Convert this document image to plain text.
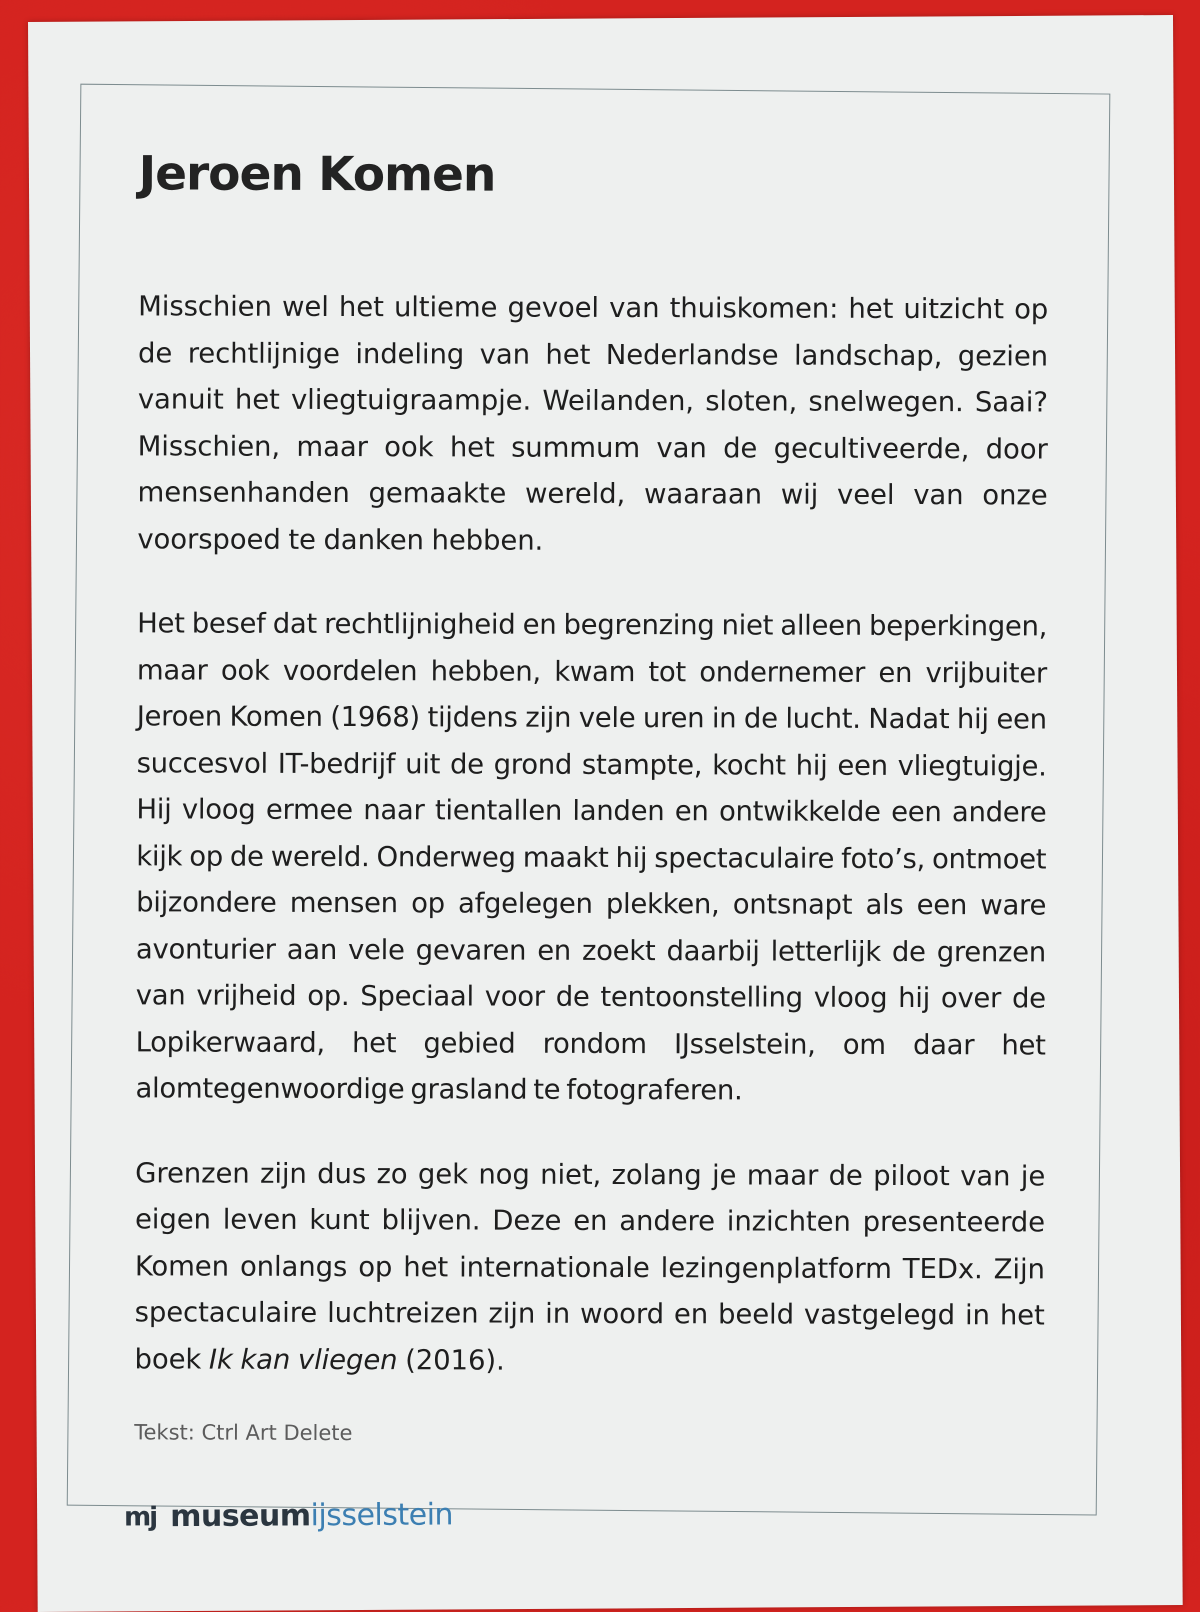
Jeroen Komen

Misschien wel het ultieme gevoel van thuiskomen: het uitzicht op de rechtlijnige indeling van het Nederlandse landschap, gezien vanuit het vliegtuigraampje. Weilanden, sloten, snelwegen. Saai? Misschien, maar ook het summum van de gecultiveerde, door mensenhanden gemaakte wereld, waaraan wij veel van onze voorspoed te danken hebben.

Het besef dat rechtlijnigheid en begrenzing niet alleen beperkingen, maar ook voordelen hebben, kwam tot ondernemer en vrijbuiter Jeroen Komen (1968) tijdens zijn vele uren in de lucht. Nadat hij een succesvol IT-bedrijf uit de grond stampte, kocht hij een vliegtuigje. Hij vloog ermee naar tientallen landen en ontwikkelde een andere kijk op de wereld. Onderweg maakt hij spectaculaire foto’s, ontmoet bijzondere mensen op afgelegen plekken, ontsnapt als een ware avonturier aan vele gevaren en zoekt daarbij letterlijk de grenzen van vrijheid op. Speciaal voor de tentoonstelling vloog hij over de Lopikerwaard, het gebied rondom IJsselstein, om daar het alomtegenwoordige grasland te fotograferen.

Grenzen zijn dus zo gek nog niet, zolang je maar de piloot van je eigen leven kunt blijven. Deze en andere inzichten presenteerde Komen onlangs op het internationale lezingenplatform TEDx. Zijn spectaculaire luchtreizen zijn in woord en beeld vastgelegd in het boek Ik kan vliegen (2016).

Tekst: Ctrl Art Delete
mj museumijsselstein
